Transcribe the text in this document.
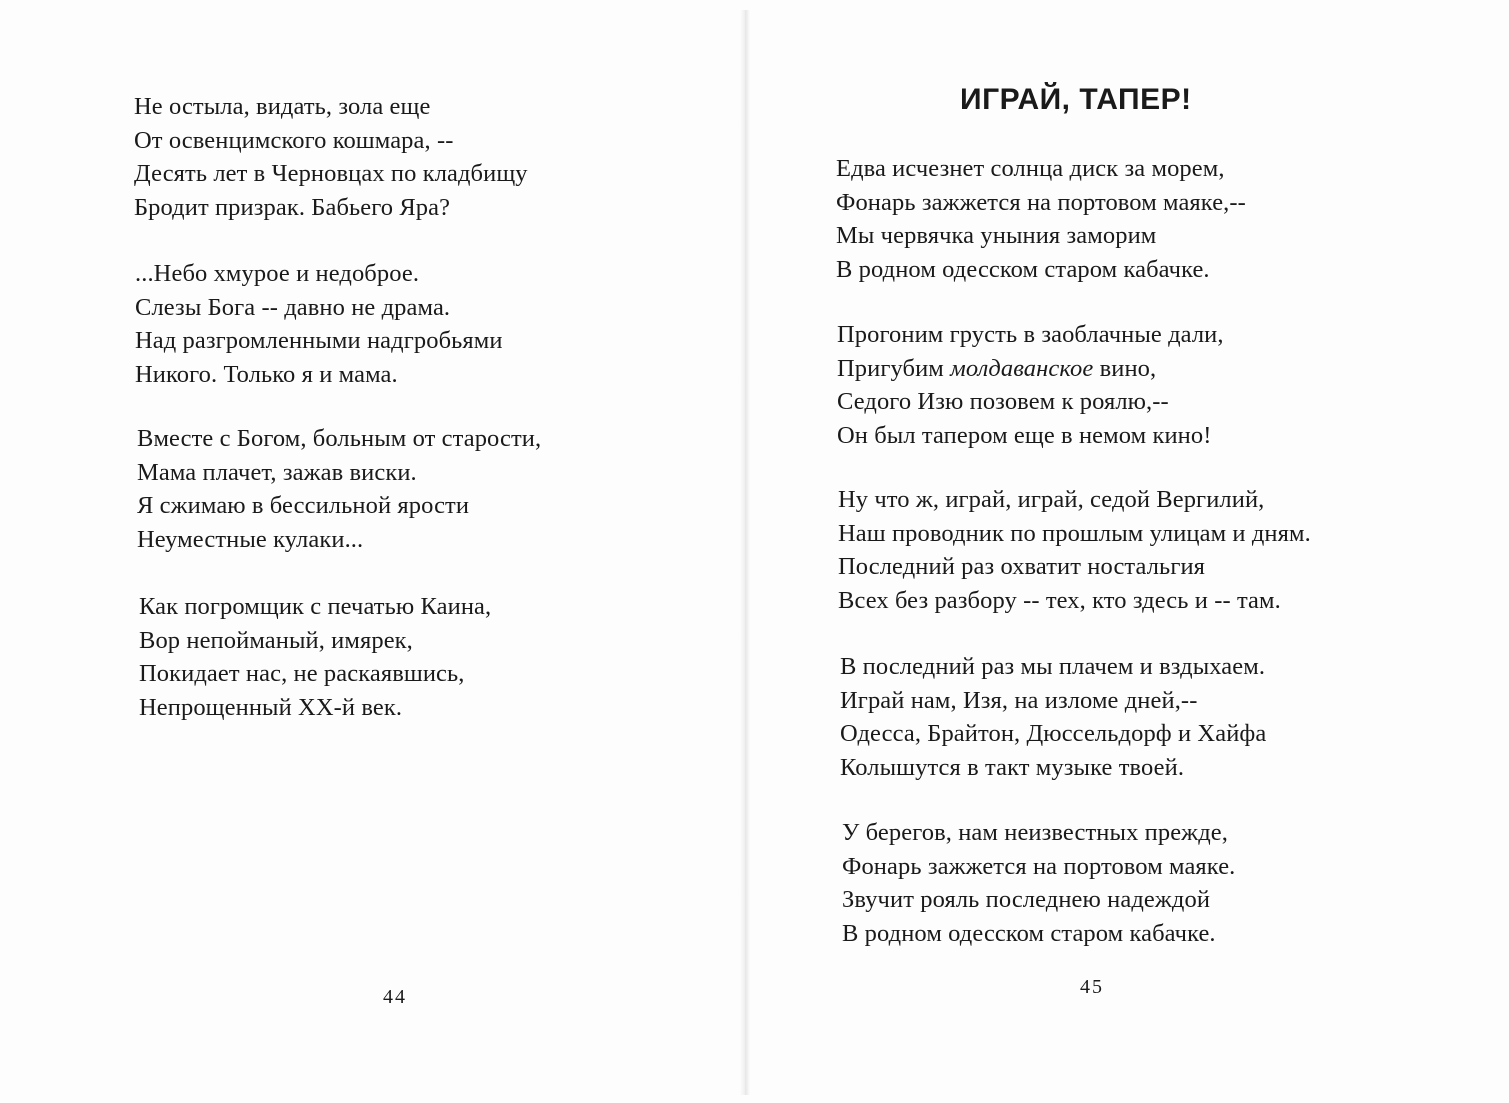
Не остыла, видать, зола еще
От освенцимского кошмара, --
Десять лет в Черновцах по кладбищу
Бродит призрак. Бабьего Яра?
...Небо хмурое и недоброе.
Слезы Бога -- давно не драма.
Над разгромленными надгробьями
Никого. Только я и мама.
Вместе с Богом, больным от старости,
Мама плачет, зажав виски.
Я сжимаю в бессильной ярости
Неуместные кулаки...
Как погромщик с печатью Каина,
Вор непойманый, имярек,
Покидает нас, не раскаявшись,
Непрощенный XX-й век.
44
ИГРАЙ, ТАПЕР!
Едва исчезнет солнца диск за морем,
Фонарь зажжется на портовом маяке,--
Мы червячка уныния заморим
В родном одесском старом кабачке.
Прогоним грусть в заоблачные дали,
Пригубим молдаванское вино,
Седого Изю позовем к роялю,--
Он был тапером еще в немом кино!
Ну что ж, играй, играй, седой Вергилий,
Наш проводник по прошлым улицам и дням.
Последний раз охватит ностальгия
Всех без разбору -- тех, кто здесь и -- там.
В последний раз мы плачем и вздыхаем.
Играй нам, Изя, на изломе дней,--
Одесса, Брайтон, Дюссельдорф и Хайфа
Колышутся в такт музыке твоей.
У берегов, нам неизвестных прежде,
Фонарь зажжется на портовом маяке.
Звучит рояль последнею надеждой
В родном одесском старом кабачке.
45
